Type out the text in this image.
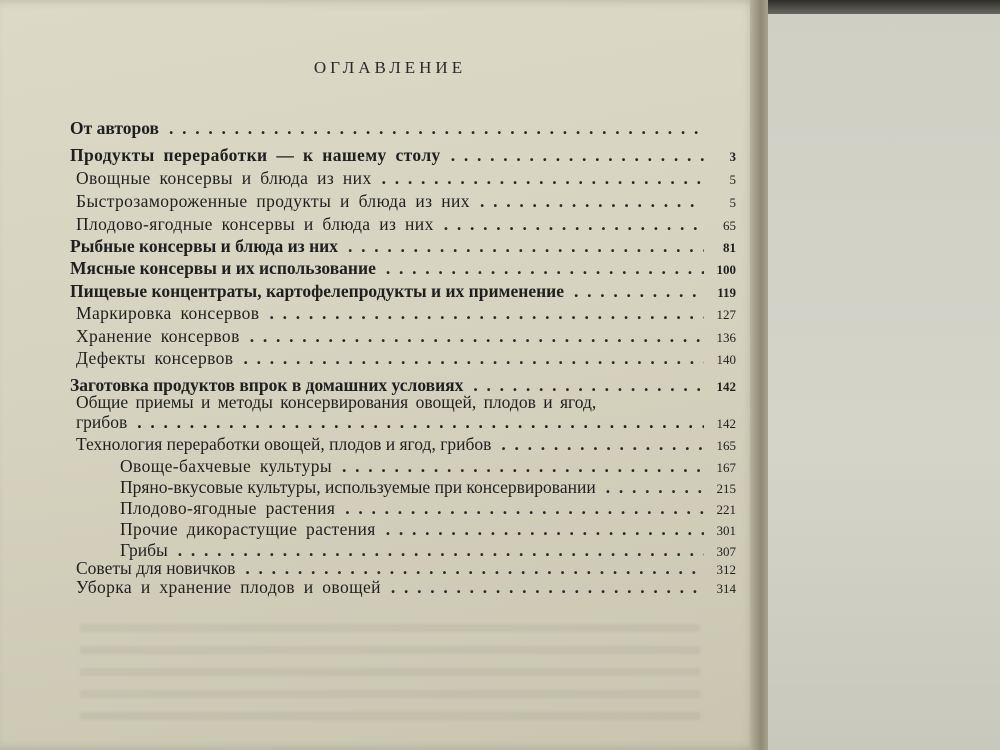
ОГЛАВЛЕНИЕ
От авторов
. .
Продукты переработки — к нашему столу . .	3
Овощные консервы и блюда из них . .	5
Быстрозамороженные продукты и блюда из них . .	5
Плодово-ягодные консервы и блюда из них . .	65
Рыбные консервы и блюда из них . .	81
Мясные консервы и их использование . .	100
Пищевые концентраты, картофелепродукты и их применение . .	119
Маркировка консервов . .	127
Хранение консервов . .	136
Дефекты консервов . .	140
Заготовка продуктов впрок в домашних условиях . .	142
Общие приемы и методы консервирования овощей, плодов и ягод,
грибов . .	142
Технология переработки овощей, плодов и ягод, грибов . .	165
Овоще-бахчевые культуры . .	167
Пряно-вкусовые культуры, используемые при консервировании . .	215
Плодово-ягодные растения . .	221
Прочие дикорастущие растения . .	301
Грибы . .	307
Советы для новичков . .	312
Уборка и хранение плодов и овощей . .	314
